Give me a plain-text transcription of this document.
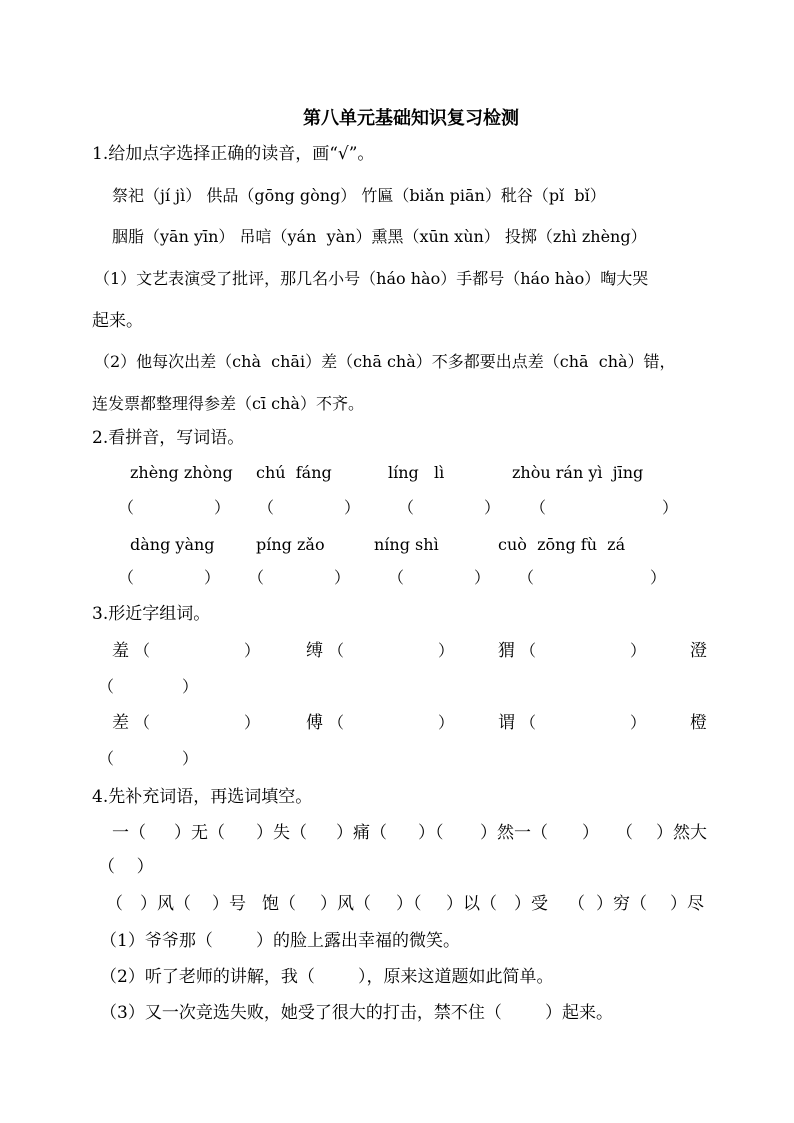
第八单元基础知识复习检测
1.给加点字选择正确的读音，画“√”。
祭祀（jí jì） 供品（gōng gòng） 竹匾（biǎn piān）秕谷（pǐ  bǐ）
胭脂（yān yīn） 吊唁（yán  yàn）熏黑（xūn xùn） 投掷（zhì zhèng）
（1）文艺表演受了批评，那几名小号（háo hào）手都号（háo hào）啕大哭
起来。
（2）他每次出差（chà  chāi）差（chā chà）不多都要出点差（chā  chà）错，
连发票都整理得参差（cī chà）不齐。
2.看拼音，写词语。
zhèng zhòng chú  fáng	líng   lì	zhòu rán yì  jīng
（	） （	） （	） （	）
dàng yàng	píng zǎo	níng shì	cuò  zōng fù  zá
（	） （	） （	） （	）
3.形近字组词。
羞 （	）	缚 （	）	猬 （	）	澄
（	）
差 （	）	傅 （	）	谓 （	）	橙
（	）
4.先补充词语，再选词填空。
一（ ）无（ ）失（ ）痛（ ）（ ）然一（ ） （ ）然大
（    ）
（ ）风（ ）号 饱（ ）风（ ）（ ）以（ ）受 （ ）穷（ ）尽
（1）爷爷那（        ）的脸上露出幸福的微笑。
（2）听了老师的讲解，我（        ），原来这道题如此简单。
（3）又一次竞选失败，她受了很大的打击，禁不住（        ）起来。
